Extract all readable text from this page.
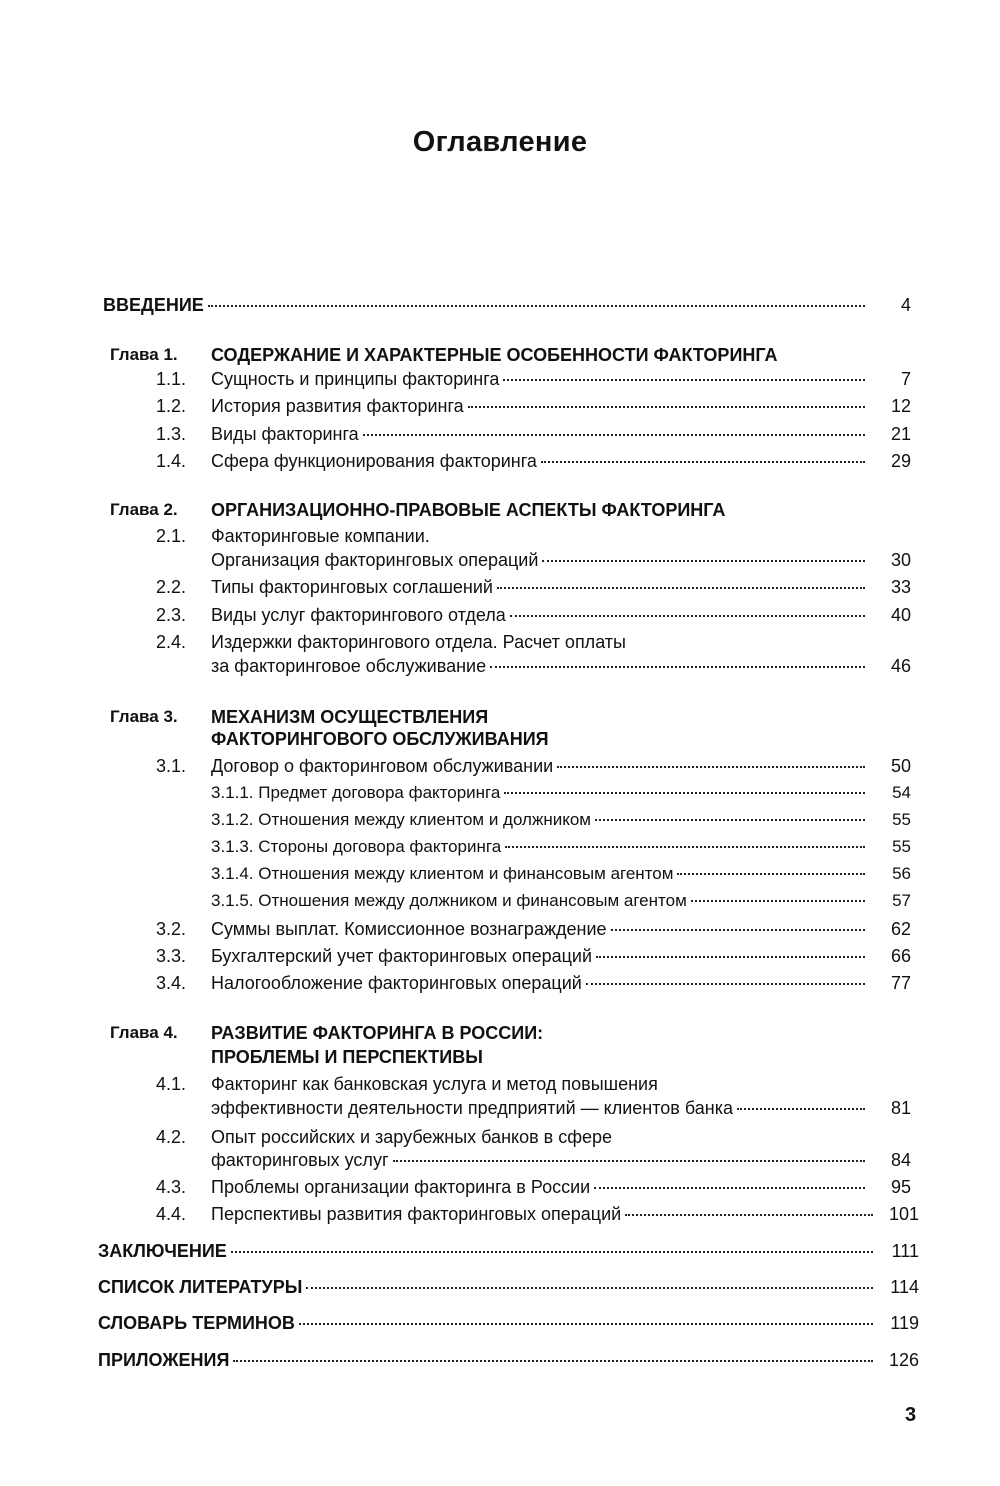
Оглавление
ВВЕДЕНИЕ	4
Глава 1. СОДЕРЖАНИЕ И ХАРАКТЕРНЫЕ ОСОБЕННОСТИ ФАКТОРИНГА
1.1. Сущность и принципы факторинга	7
1.2. История развития факторинга	12
1.3. Виды факторинга	21
1.4. Сфера функционирования факторинга	29
Глава 2. ОРГАНИЗАЦИОННО-ПРАВОВЫЕ АСПЕКТЫ ФАКТОРИНГА
2.1. Факторинговые компании.
Организация факторинговых операций	30
2.2. Типы факторинговых соглашений	33
2.3. Виды услуг факторингового отдела	40
2.4. Издержки факторингового отдела. Расчет оплаты
за факторинговое обслуживание	46
Глава 3. МЕХАНИЗМ ОСУЩЕСТВЛЕНИЯ
ФАКТОРИНГОВОГО ОБСЛУЖИВАНИЯ
3.1. Договор о факторинговом обслуживании	50
3.1.1. Предмет договора факторинга	54
3.1.2. Отношения между клиентом и должником	55
3.1.3. Стороны договора факторинга	55
3.1.4. Отношения между клиентом и финансовым агентом	56
3.1.5. Отношения между должником и финансовым агентом	57
3.2. Суммы выплат. Комиссионное вознаграждение	62
3.3. Бухгалтерский учет факторинговых операций	66
3.4. Налогообложение факторинговых операций	77
Глава 4. РАЗВИТИЕ ФАКТОРИНГА В РОССИИ:
ПРОБЛЕМЫ И ПЕРСПЕКТИВЫ
4.1. Факторинг как банковская услуга и метод повышения
эффективности деятельности предприятий — клиентов банка	81
4.2. Опыт российских и зарубежных банков в сфере
факторинговых услуг	84
4.3. Проблемы организации факторинга в России	95
4.4. Перспективы развития факторинговых операций	101
ЗАКЛЮЧЕНИЕ	111
СПИСОК ЛИТЕРАТУРЫ	114
СЛОВАРЬ ТЕРМИНОВ	119
ПРИЛОЖЕНИЯ	126
3
